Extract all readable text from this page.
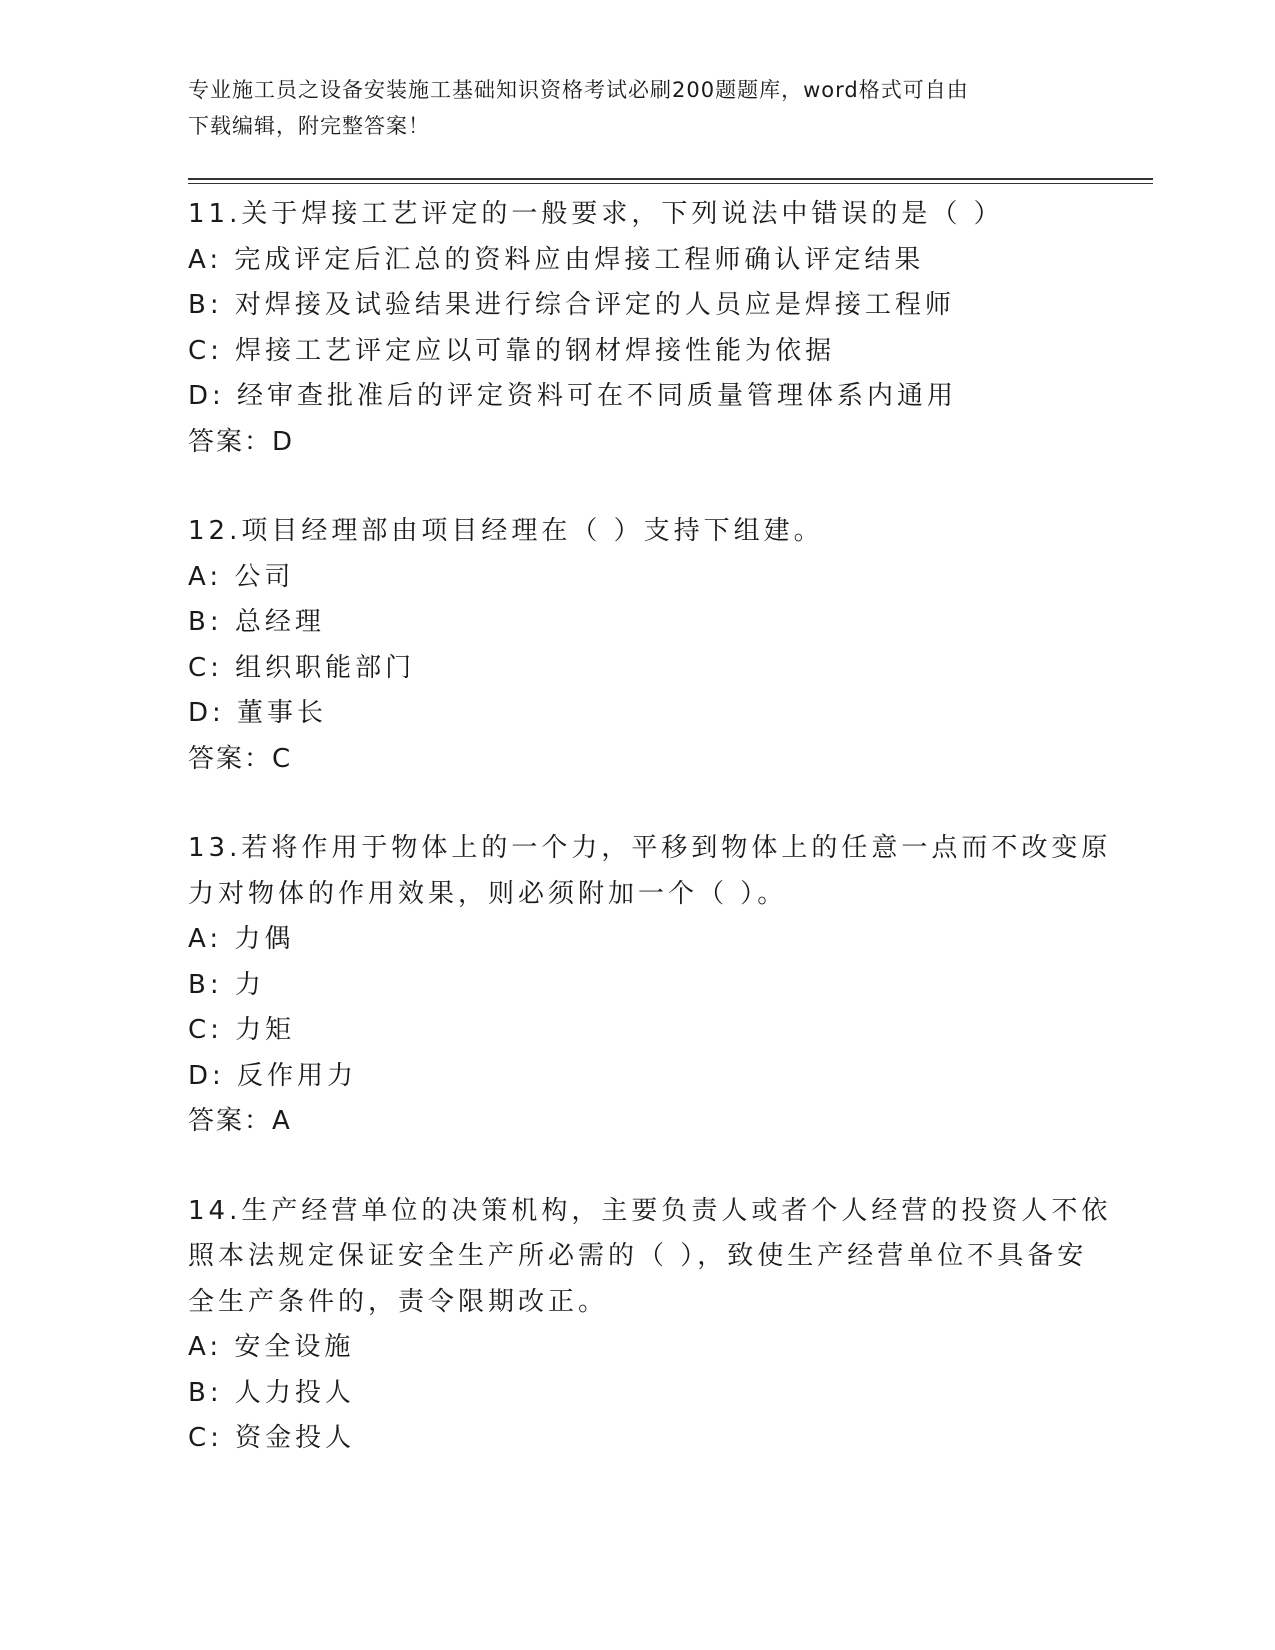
专业施工员之设备安装施工基础知识资格考试必刷200题题库，word格式可自由
下载编辑，附完整答案！
11.关于焊接工艺评定的一般要求，下列说法中错误的是（ ）
A: 完成评定后汇总的资料应由焊接工程师确认评定结果
B: 对焊接及试验结果进行综合评定的人员应是焊接工程师
C: 焊接工艺评定应以可靠的钢材焊接性能为依据
D: 经审查批准后的评定资料可在不同质量管理体系内通用
答案：D
12.项目经理部由项目经理在（ ）支持下组建。
A: 公司
B: 总经理
C: 组织职能部门
D: 董事长
答案：C
13.若将作用于物体上的一个力，平移到物体上的任意一点而不改变原
力对物体的作用效果，则必须附加一个（ ）。
A: 力偶
B: 力
C: 力矩
D: 反作用力
答案：A
14.生产经营单位的决策机构，主要负责人或者个人经营的投资人不依
照本法规定保证安全生产所必需的（ ），致使生产经营单位不具备安
全生产条件的，责令限期改正。
A: 安全设施
B: 人力投人
C: 资金投人
